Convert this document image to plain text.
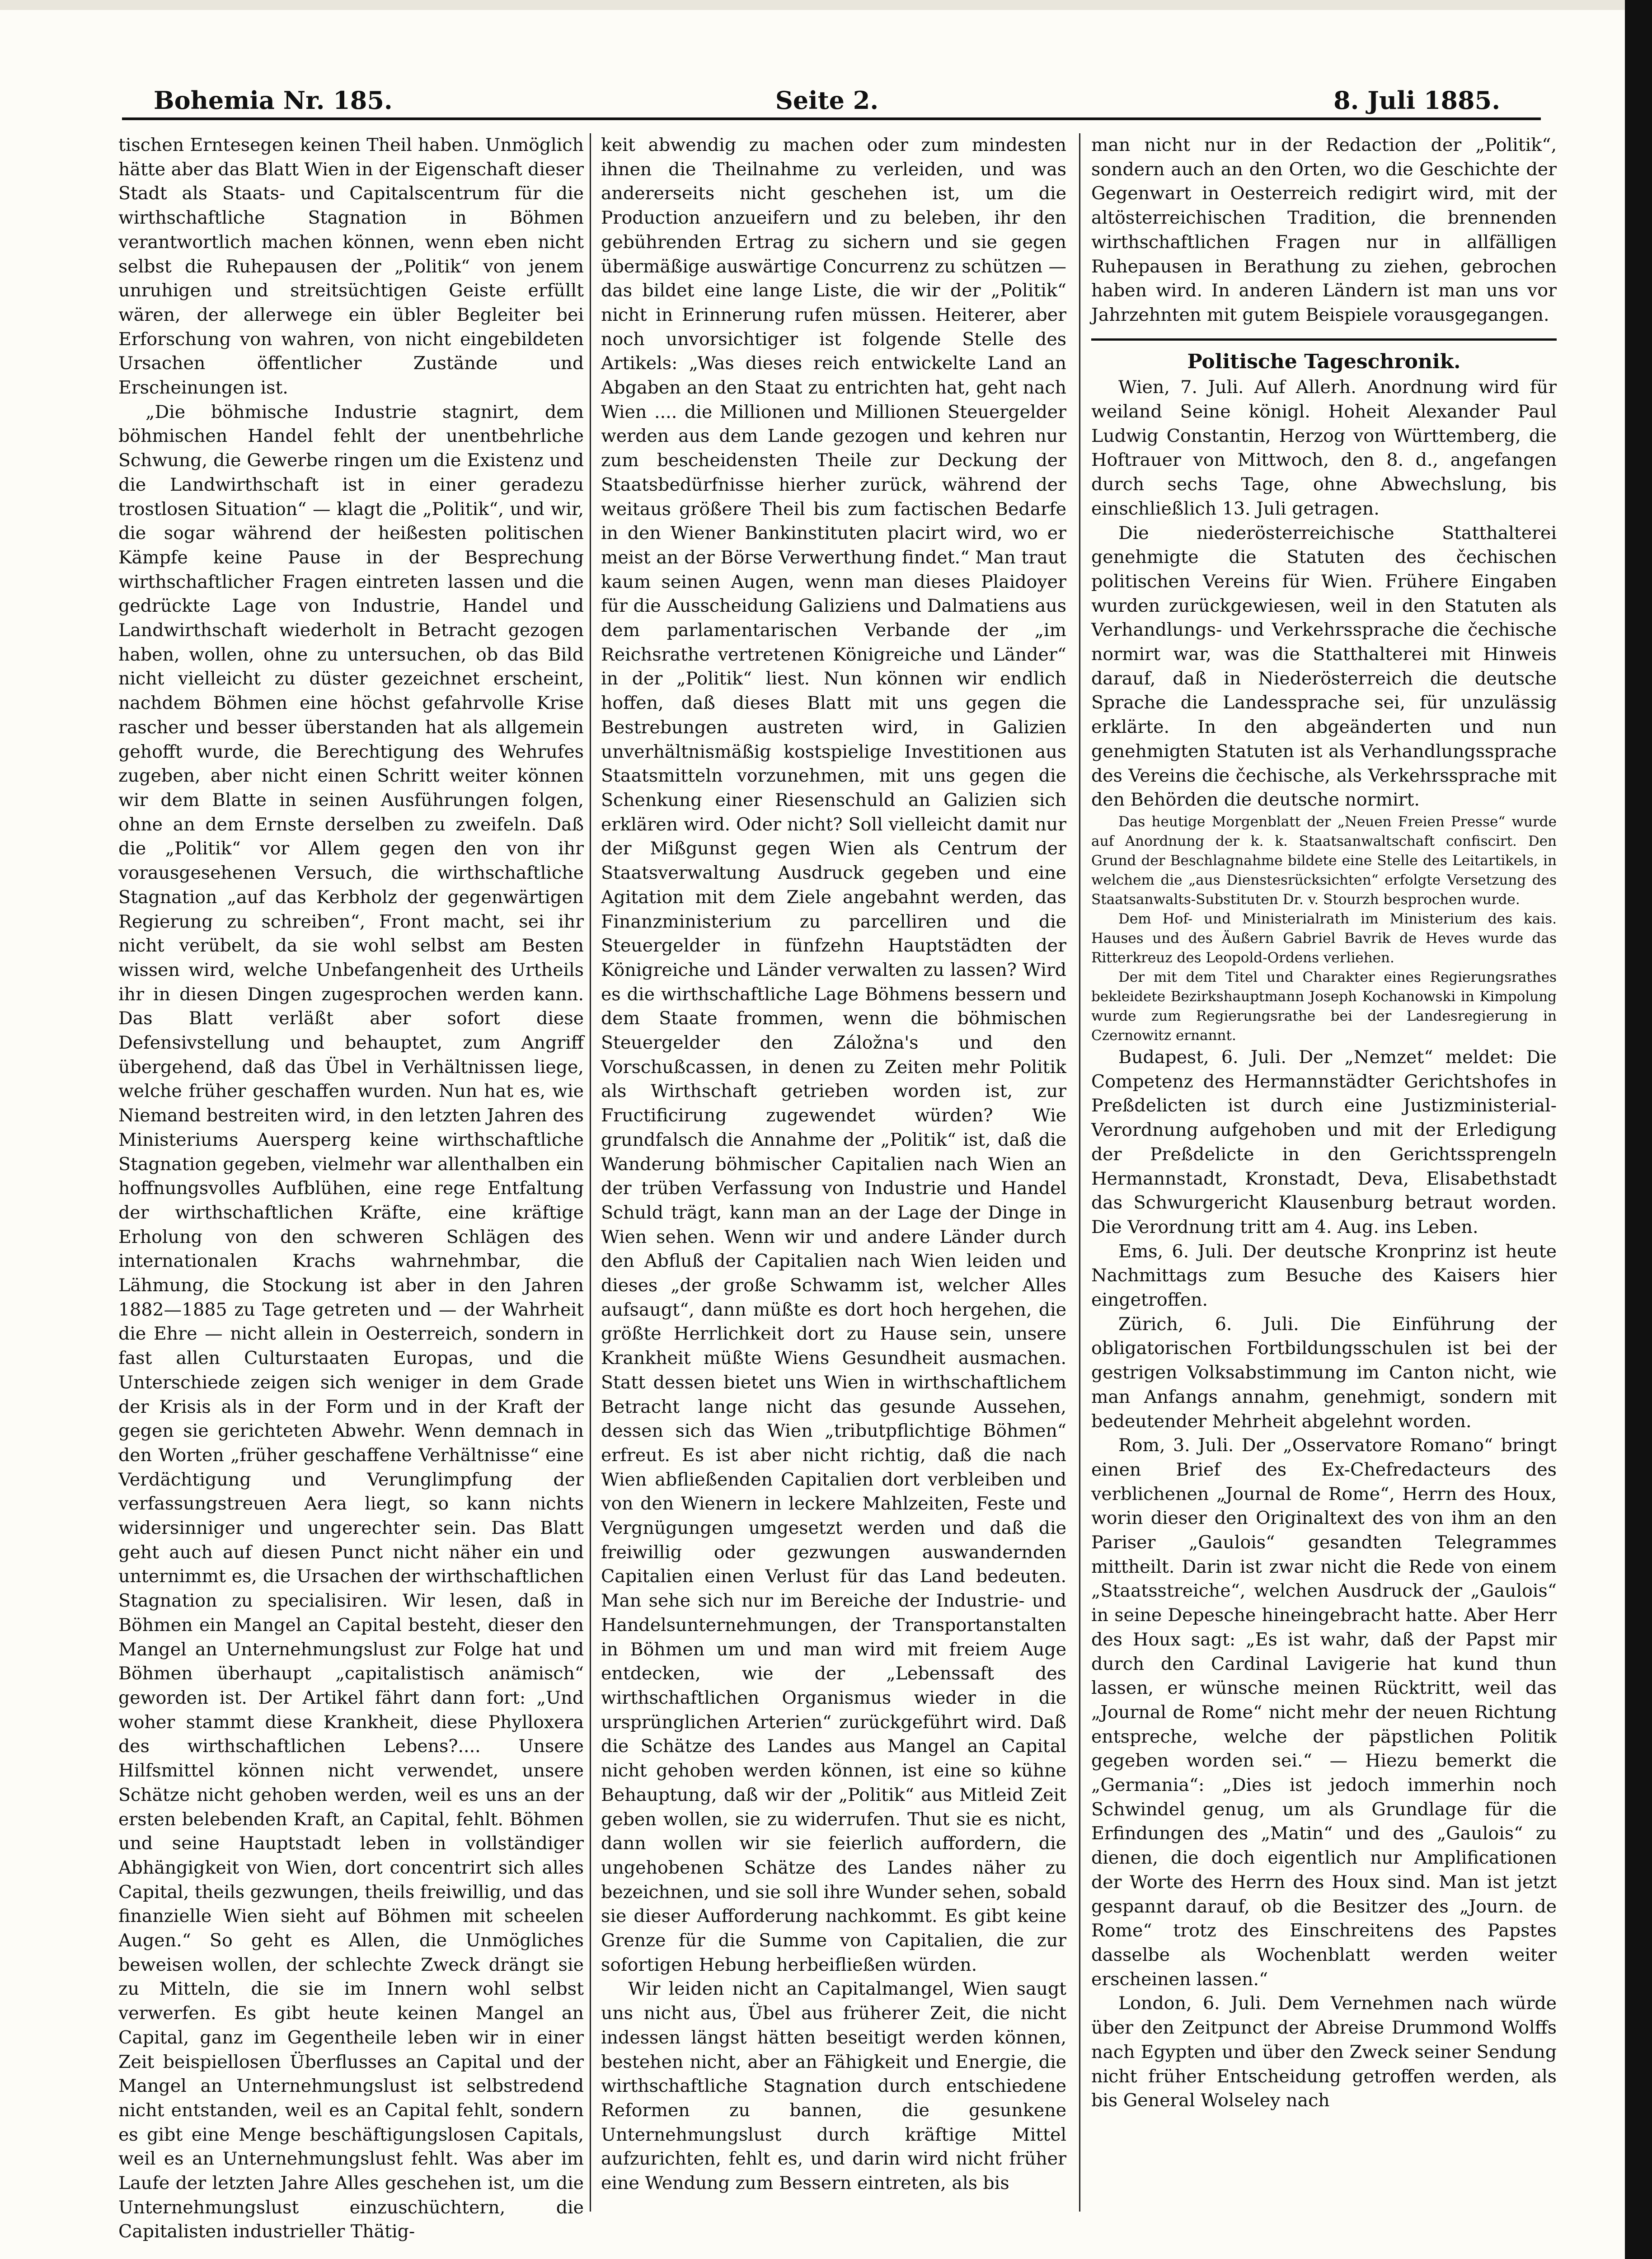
Bohemia Nr. 185.	Seite 2.	8. Juli 1885.

tischen Erntesegen keinen Theil haben. Unmöglich hätte aber das Blatt Wien in der Eigenschaft dieser Stadt als Staats- und Capitalscentrum für die wirthschaftliche Stagnation in Böhmen verantwortlich machen können, wenn eben nicht selbst die Ruhepausen der „Politik“ von jenem unruhigen und streitsüchtigen Geiste erfüllt wären, der allerwege ein übler Begleiter bei Erforschung von wahren, von nicht eingebildeten Ursachen öffentlicher Zustände und Erscheinungen ist.

„Die böhmische Industrie stagnirt, dem böhmischen Handel fehlt der unentbehrliche Schwung, die Gewerbe ringen um die Existenz und die Landwirthschaft ist in einer geradezu trostlosen Situation“ — klagt die „Politik“, und wir, die sogar während der heißesten politischen Kämpfe keine Pause in der Besprechung wirthschaftlicher Fragen eintreten lassen und die gedrückte Lage von Industrie, Handel und Landwirthschaft wiederholt in Betracht gezogen haben, wollen, ohne zu untersuchen, ob das Bild nicht vielleicht zu düster gezeichnet erscheint, nachdem Böhmen eine höchst gefahrvolle Krise rascher und besser überstanden hat als allgemein gehofft wurde, die Berechtigung des Wehrufes zugeben, aber nicht einen Schritt weiter können wir dem Blatte in seinen Ausführungen folgen, ohne an dem Ernste derselben zu zweifeln. Daß die „Politik“ vor Allem gegen den von ihr vorausgesehenen Versuch, die wirthschaftliche Stagnation „auf das Kerbholz der gegenwärtigen Regierung zu schreiben“, Front macht, sei ihr nicht verübelt, da sie wohl selbst am Besten wissen wird, welche Unbefangenheit des Urtheils ihr in diesen Dingen zugesprochen werden kann. Das Blatt verläßt aber sofort diese Defensivstellung und behauptet, zum Angriff übergehend, daß das Übel in Verhältnissen liege, welche früher geschaffen wurden. Nun hat es, wie Niemand bestreiten wird, in den letzten Jahren des Ministeriums Auersperg keine wirthschaftliche Stagnation gegeben, vielmehr war allenthalben ein hoffnungsvolles Aufblühen, eine rege Entfaltung der wirthschaftlichen Kräfte, eine kräftige Erholung von den schweren Schlägen des internationalen Krachs wahrnehmbar, die Lähmung, die Stockung ist aber in den Jahren 1882—1885 zu Tage getreten und — der Wahrheit die Ehre — nicht allein in Oesterreich, sondern in fast allen Culturstaaten Europas, und die Unterschiede zeigen sich weniger in dem Grade der Krisis als in der Form und in der Kraft der gegen sie gerichteten Abwehr. Wenn demnach in den Worten „früher geschaffene Verhältnisse“ eine Verdächtigung und Verunglimpfung der verfassungstreuen Aera liegt, so kann nichts widersinniger und ungerechter sein. Das Blatt geht auch auf diesen Punct nicht näher ein und unternimmt es, die Ursachen der wirthschaftlichen Stagnation zu specialisiren. Wir lesen, daß in Böhmen ein Mangel an Capital besteht, dieser den Mangel an Unternehmungslust zur Folge hat und Böhmen überhaupt „capitalistisch anämisch“ geworden ist. Der Artikel fährt dann fort: „Und woher stammt diese Krankheit, diese Phylloxera des wirthschaftlichen Lebens?.... Unsere Hilfsmittel können nicht verwendet, unsere Schätze nicht gehoben werden, weil es uns an der ersten belebenden Kraft, an Capital, fehlt. Böhmen und seine Hauptstadt leben in vollständiger Abhängigkeit von Wien, dort concentrirt sich alles Capital, theils gezwungen, theils freiwillig, und das finanzielle Wien sieht auf Böhmen mit scheelen Augen.“ So geht es Allen, die Unmögliches beweisen wollen, der schlechte Zweck drängt sie zu Mitteln, die sie im Innern wohl selbst verwerfen. Es gibt heute keinen Mangel an Capital, ganz im Gegentheile leben wir in einer Zeit beispiellosen Überflusses an Capital und der Mangel an Unternehmungslust ist selbstredend nicht entstanden, weil es an Capital fehlt, sondern es gibt eine Menge beschäftigungslosen Capitals, weil es an Unternehmungslust fehlt. Was aber im Laufe der letzten Jahre Alles geschehen ist, um die Unternehmungslust einzuschüchtern, die Capitalisten industrieller Thätig-

keit abwendig zu machen oder zum mindesten ihnen die Theilnahme zu verleiden, und was andererseits nicht geschehen ist, um die Production anzueifern und zu beleben, ihr den gebührenden Ertrag zu sichern und sie gegen übermäßige auswärtige Concurrenz zu schützen — das bildet eine lange Liste, die wir der „Politik“ nicht in Erinnerung rufen müssen. Heiterer, aber noch unvorsichtiger ist folgende Stelle des Artikels: „Was dieses reich entwickelte Land an Abgaben an den Staat zu entrichten hat, geht nach Wien .... die Millionen und Millionen Steuergelder werden aus dem Lande gezogen und kehren nur zum bescheidensten Theile zur Deckung der Staatsbedürfnisse hierher zurück, während der weitaus größere Theil bis zum factischen Bedarfe in den Wiener Bankinstituten placirt wird, wo er meist an der Börse Verwerthung findet.“ Man traut kaum seinen Augen, wenn man dieses Plaidoyer für die Ausscheidung Galiziens und Dalmatiens aus dem parlamentarischen Verbande der „im Reichsrathe vertretenen Königreiche und Länder“ in der „Politik“ liest. Nun können wir endlich hoffen, daß dieses Blatt mit uns gegen die Bestrebungen austreten wird, in Galizien unverhältnismäßig kostspielige Investitionen aus Staatsmitteln vorzunehmen, mit uns gegen die Schenkung einer Riesenschuld an Galizien sich erklären wird. Oder nicht? Soll vielleicht damit nur der Mißgunst gegen Wien als Centrum der Staatsverwaltung Ausdruck gegeben und eine Agitation mit dem Ziele angebahnt werden, das Finanzministerium zu parcelliren und die Steuergelder in fünfzehn Hauptstädten der Königreiche und Länder verwalten zu lassen? Wird es die wirthschaftliche Lage Böhmens bessern und dem Staate frommen, wenn die böhmischen Steuergelder den Záložna's und den Vorschußcassen, in denen zu Zeiten mehr Politik als Wirthschaft getrieben worden ist, zur Fructificirung zugewendet würden? Wie grundfalsch die Annahme der „Politik“ ist, daß die Wanderung böhmischer Capitalien nach Wien an der trüben Verfassung von Industrie und Handel Schuld trägt, kann man an der Lage der Dinge in Wien sehen. Wenn wir und andere Länder durch den Abfluß der Capitalien nach Wien leiden und dieses „der große Schwamm ist, welcher Alles aufsaugt“, dann müßte es dort hoch hergehen, die größte Herrlichkeit dort zu Hause sein, unsere Krankheit müßte Wiens Gesundheit ausmachen. Statt dessen bietet uns Wien in wirthschaftlichem Betracht lange nicht das gesunde Aussehen, dessen sich das Wien „tributpflichtige Böhmen“ erfreut. Es ist aber nicht richtig, daß die nach Wien abfließenden Capitalien dort verbleiben und von den Wienern in leckere Mahlzeiten, Feste und Vergnügungen umgesetzt werden und daß die freiwillig oder gezwungen auswandernden Capitalien einen Verlust für das Land bedeuten. Man sehe sich nur im Bereiche der Industrie- und Handelsunternehmungen, der Transportanstalten in Böhmen um und man wird mit freiem Auge entdecken, wie der „Lebenssaft des wirthschaftlichen Organismus wieder in die ursprünglichen Arterien“ zurückgeführt wird. Daß die Schätze des Landes aus Mangel an Capital nicht gehoben werden können, ist eine so kühne Behauptung, daß wir der „Politik“ aus Mitleid Zeit geben wollen, sie zu widerrufen. Thut sie es nicht, dann wollen wir sie feierlich auffordern, die ungehobenen Schätze des Landes näher zu bezeichnen, und sie soll ihre Wunder sehen, sobald sie dieser Aufforderung nachkommt. Es gibt keine Grenze für die Summe von Capitalien, die zur sofortigen Hebung herbeifließen würden.

Wir leiden nicht an Capitalmangel, Wien saugt uns nicht aus, Übel aus früherer Zeit, die nicht indessen längst hätten beseitigt werden können, bestehen nicht, aber an Fähigkeit und Energie, die wirthschaftliche Stagnation durch entschiedene Reformen zu bannen, die gesunkene Unternehmungslust durch kräftige Mittel aufzurichten, fehlt es, und darin wird nicht früher eine Wendung zum Bessern eintreten, als bis

man nicht nur in der Redaction der „Politik“, sondern auch an den Orten, wo die Geschichte der Gegenwart in Oesterreich redigirt wird, mit der altösterreichischen Tradition, die brennenden wirthschaftlichen Fragen nur in allfälligen Ruhepausen in Berathung zu ziehen, gebrochen haben wird. In anderen Ländern ist man uns vor Jahrzehnten mit gutem Beispiele vorausgegangen.

Politische Tageschronik.

Wien, 7. Juli. Auf Allerh. Anordnung wird für weiland Seine königl. Hoheit Alexander Paul Ludwig Constantin, Herzog von Württemberg, die Hoftrauer von Mittwoch, den 8. d., angefangen durch sechs Tage, ohne Abwechslung, bis einschließlich 13. Juli getragen.

Die niederösterreichische Statthalterei genehmigte die Statuten des čechischen politischen Vereins für Wien. Frühere Eingaben wurden zurückgewiesen, weil in den Statuten als Verhandlungs- und Verkehrssprache die čechische normirt war, was die Statthalterei mit Hinweis darauf, daß in Niederösterreich die deutsche Sprache die Landessprache sei, für unzulässig erklärte. In den abgeänderten und nun genehmigten Statuten ist als Verhandlungssprache des Vereins die čechische, als Verkehrssprache mit den Behörden die deutsche normirt.

Das heutige Morgenblatt der „Neuen Freien Presse“ wurde auf Anordnung der k. k. Staatsanwaltschaft confiscirt. Den Grund der Beschlagnahme bildete eine Stelle des Leitartikels, in welchem die „aus Dienstesrücksichten“ erfolgte Versetzung des Staatsanwalts-Substituten Dr. v. Stourzh besprochen wurde.

Dem Hof- und Ministerialrath im Ministerium des kais. Hauses und des Äußern Gabriel Bavrik de Heves wurde das Ritterkreuz des Leopold-Ordens verliehen.

Der mit dem Titel und Charakter eines Regierungsrathes bekleidete Bezirkshauptmann Joseph Kochanowski in Kimpolung wurde zum Regierungsrathe bei der Landesregierung in Czernowitz ernannt.

Budapest, 6. Juli. Der „Nemzet“ meldet: Die Competenz des Hermannstädter Gerichtshofes in Preßdelicten ist durch eine Justizministerial-Verordnung aufgehoben und mit der Erledigung der Preßdelicte in den Gerichtssprengeln Hermannstadt, Kronstadt, Deva, Elisabethstadt das Schwurgericht Klausenburg betraut worden. Die Verordnung tritt am 4. Aug. ins Leben.

Ems, 6. Juli. Der deutsche Kronprinz ist heute Nachmittags zum Besuche des Kaisers hier eingetroffen.

Zürich, 6. Juli. Die Einführung der obligatorischen Fortbildungsschulen ist bei der gestrigen Volksabstimmung im Canton nicht, wie man Anfangs annahm, genehmigt, sondern mit bedeutender Mehrheit abgelehnt worden.

Rom, 3. Juli. Der „Osservatore Romano“ bringt einen Brief des Ex-Chefredacteurs des verblichenen „Journal de Rome“, Herrn des Houx, worin dieser den Originaltext des von ihm an den Pariser „Gaulois“ gesandten Telegrammes mittheilt. Darin ist zwar nicht die Rede von einem „Staatsstreiche“, welchen Ausdruck der „Gaulois“ in seine Depesche hineingebracht hatte. Aber Herr des Houx sagt: „Es ist wahr, daß der Papst mir durch den Cardinal Lavigerie hat kund thun lassen, er wünsche meinen Rücktritt, weil das „Journal de Rome“ nicht mehr der neuen Richtung entspreche, welche der päpstlichen Politik gegeben worden sei.“ — Hiezu bemerkt die „Germania“: „Dies ist jedoch immerhin noch Schwindel genug, um als Grundlage für die Erfindungen des „Matin“ und des „Gaulois“ zu dienen, die doch eigentlich nur Amplificationen der Worte des Herrn des Houx sind. Man ist jetzt gespannt darauf, ob die Besitzer des „Journ. de Rome“ trotz des Einschreitens des Papstes dasselbe als Wochenblatt werden weiter erscheinen lassen.“

London, 6. Juli. Dem Vernehmen nach würde über den Zeitpunct der Abreise Drummond Wolffs nach Egypten und über den Zweck seiner Sendung nicht früher Entscheidung getroffen werden, als bis General Wolseley nach
